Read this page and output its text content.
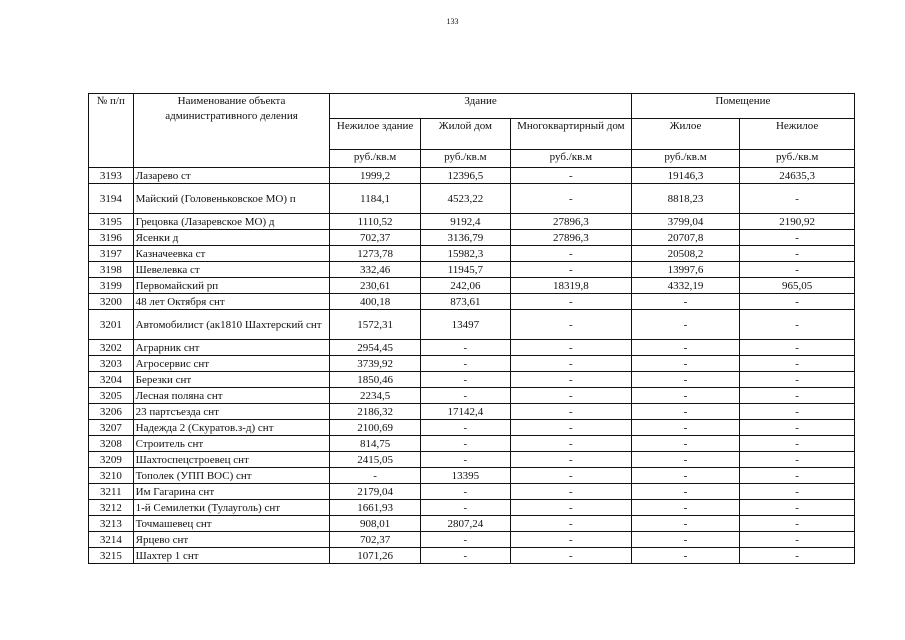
133
№ п/п	Наименование объекта административного деления	Здание			Помещение	
		Нежилое здание	Жилой дом	Многоквартирный дом	Жилое	Нежилое
		руб./кв.м	руб./кв.м	руб./кв.м	руб./кв.м	руб./кв.м
3193	Лазарево ст	1999,2	12396,5	-	19146,3	24635,3
3194	Майский (Головеньковское МО) п	1184,1	4523,22	-	8818,23	-
3195	Грецовка (Лазаревское МО) д	1110,52	9192,4	27896,3	3799,04	2190,92
3196	Ясенки д	702,37	3136,79	27896,3	20707,8	-
3197	Казначеевка ст	1273,78	15982,3	-	20508,2	-
3198	Шевелевка ст	332,46	11945,7	-	13997,6	-
3199	Первомайский рп	230,61	242,06	18319,8	4332,19	965,05
3200	48 лет Октября снт	400,18	873,61	-	-	-
3201	Автомобилист (ак1810 Шахтерский снт	1572,31	13497	-	-	-
3202	Аграрник снт	2954,45	-	-	-	-
3203	Агросервис снт	3739,92	-	-	-	-
3204	Березки снт	1850,46	-	-	-	-
3205	Лесная поляна снт	2234,5	-	-	-	-
3206	23 партсъезда снт	2186,32	17142,4	-	-	-
3207	Надежда 2 (Скуратов.з-д) снт	2100,69	-	-	-	-
3208	Строитель снт	814,75	-	-	-	-
3209	Шахтоспецстроевец снт	2415,05	-	-	-	-
3210	Тополек (УПП ВОС) снт	-	13395	-	-	-
3211	Им Гагарина снт	2179,04	-	-	-	-
3212	1-й Семилетки (Тулауголь) снт	1661,93	-	-	-	-
3213	Точмашевец снт	908,01	2807,24	-	-	-
3214	Ярцево снт	702,37	-	-	-	-
3215	Шахтер 1 снт	1071,26	-	-	-	-
